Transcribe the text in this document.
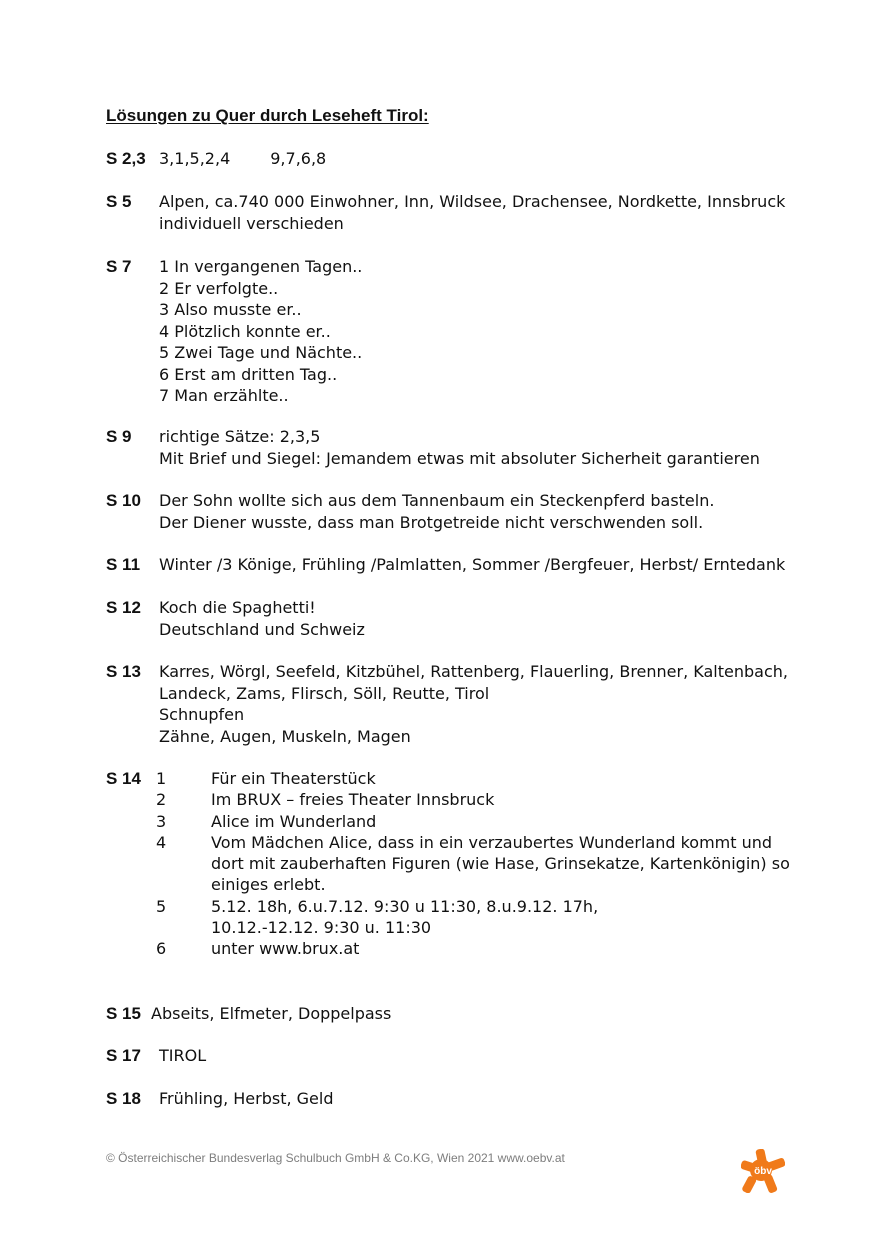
Lösungen zu Quer durch Leseheft Tirol:
S 2,3 3,1,5,2,4	9,7,6,8
S 5 Alpen, ca.740 000 Einwohner, Inn, Wildsee, Drachensee, Nordkette, Innsbruck
individuell verschieden
S 7 1 In vergangenen Tagen..
2 Er verfolgte..
3 Also musste er..
4 Plötzlich konnte er..
5 Zwei Tage und Nächte..
6 Erst am dritten Tag..
7 Man erzählte..
S 9 richtige Sätze: 2,3,5
Mit Brief und Siegel: Jemandem etwas mit absoluter Sicherheit garantieren
S 10 Der Sohn wollte sich aus dem Tannenbaum ein Steckenpferd basteln.
Der Diener wusste, dass man Brotgetreide nicht verschwenden soll.
S 11 Winter /3 Könige, Frühling /Palmlatten, Sommer /Bergfeuer, Herbst/ Erntedank
S 12 Koch die Spaghetti!
Deutschland und Schweiz
S 13 Karres, Wörgl, Seefeld, Kitzbühel, Rattenberg, Flauerling, Brenner, Kaltenbach,
Landeck, Zams, Flirsch, Söll, Reutte, Tirol
Schnupfen
Zähne, Augen, Muskeln, Magen
S 14 1	Für ein Theaterstück
2	Im BRUX – freies Theater Innsbruck
3	Alice im Wunderland
4	Vom Mädchen Alice, dass in ein verzaubertes Wunderland kommt und
dort mit zauberhaften Figuren (wie Hase, Grinsekatze, Kartenkönigin) so
einiges erlebt.
5	5.12. 18h, 6.u.7.12. 9:30 u 11:30, 8.u.9.12. 17h,
10.12.-12.12. 9:30 u. 11:30
6	unter www.brux.at
S 15 Abseits, Elfmeter, Doppelpass
S 17 TIROL
S 18 Frühling, Herbst, Geld
© Österreichischer Bundesverlag Schulbuch GmbH & Co.KG, Wien 2021 www.oebv.at
öbv
